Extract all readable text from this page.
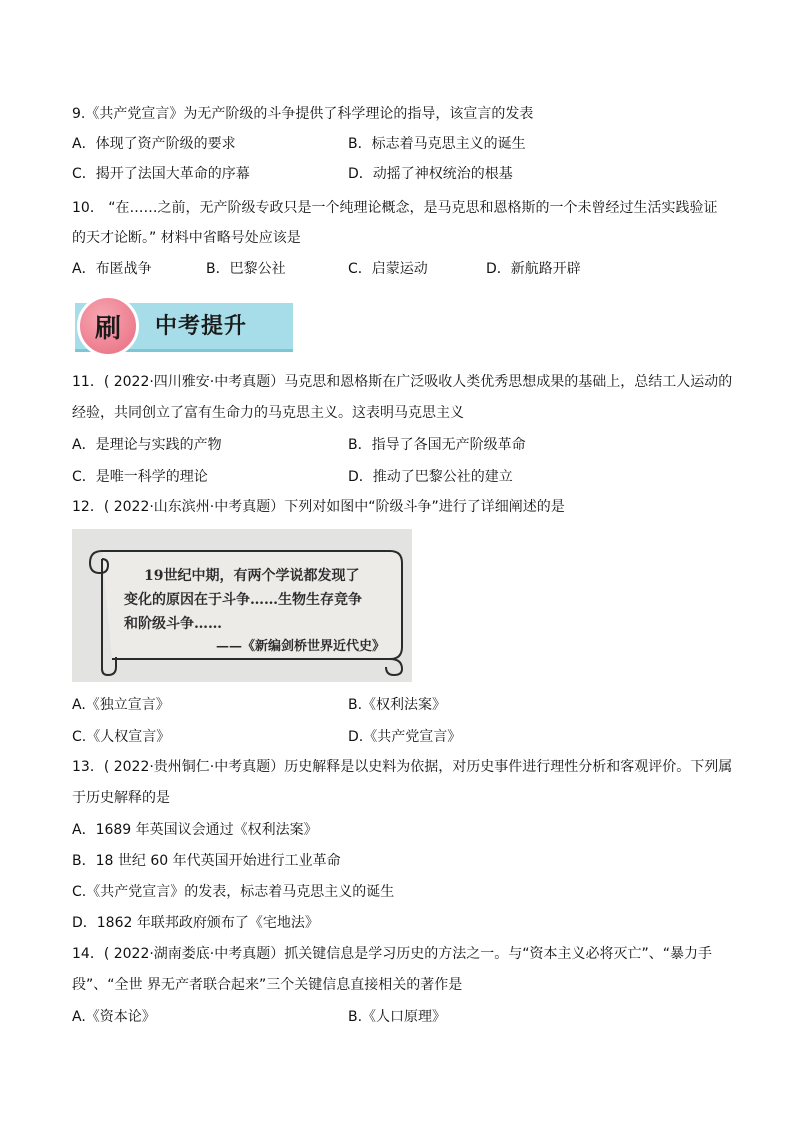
9.《共产党宣言》为无产阶级的斗争提供了科学理论的指导，该宣言的发表
A．体现了资产阶级的要求	B．标志着马克思主义的诞生
C．揭开了法国大革命的序幕	D．动摇了神权统治的根基
10． “在……之前，无产阶级专政只是一个纯理论概念，是马克思和恩格斯的一个未曾经过生活实践验证
的天才论断。” 材料中省略号处应该是
A．布匿战争	B．巴黎公社	C．启蒙运动	D．新航路开辟
刷	中考提升
11．( 2022·四川雅安·中考真题）马克思和恩格斯在广泛吸收人类优秀思想成果的基础上，总结工人运动的
经验，共同创立了富有生命力的马克思主义。这表明马克思主义
A．是理论与实践的产物	B．指导了各国无产阶级革命
C．是唯一科学的理论	D．推动了巴黎公社的建立
12．( 2022·山东滨州·中考真题）下列对如图中“阶级斗争”进行了详细阐述的是
19世纪中期，有两个学说都发现了
变化的原因在于斗争……生物生存竞争
和阶级斗争……
——《新编剑桥世界近代史》
A.《独立宣言》	B.《权利法案》
C.《人权宣言》	D.《共产党宣言》
13．( 2022·贵州铜仁·中考真题）历史解释是以史料为依据，对历史事件进行理性分析和客观评价。下列属
于历史解释的是
A．1689 年英国议会通过《权利法案》
B．18 世纪 60 年代英国开始进行工业革命
C.《共产党宣言》的发表，标志着马克思主义的诞生
D．1862 年联邦政府颁布了《宅地法》
14．( 2022·湖南娄底·中考真题）抓关键信息是学习历史的方法之一。与“资本主义必将灭亡”、“暴力手
段”、“全世 界无产者联合起来”三个关键信息直接相关的著作是
A.《资本论》	B.《人口原理》
